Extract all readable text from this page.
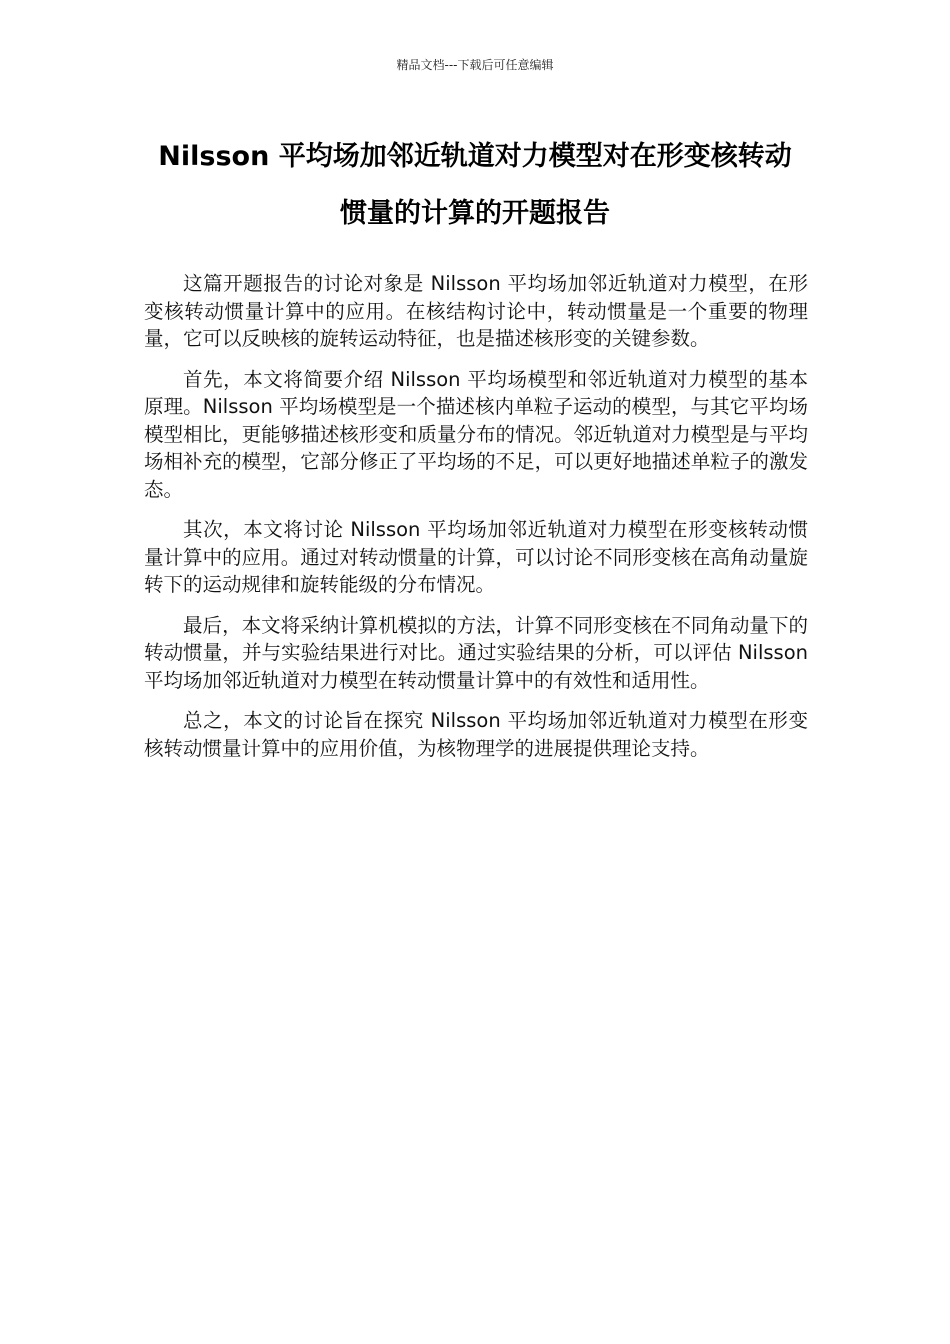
精品文档---下载后可任意编辑
Nilsson 平均场加邻近轨道对力模型对在形变核转动
惯量的计算的开题报告

这篇开题报告的讨论对象是 Nilsson 平均场加邻近轨道对力模型，在形变核转动惯量计算中的应用。在核结构讨论中，转动惯量是一个重要的物理量，它可以反映核的旋转运动特征，也是描述核形变的关键参数。

首先，本文将简要介绍 Nilsson 平均场模型和邻近轨道对力模型的基本原理。Nilsson 平均场模型是一个描述核内单粒子运动的模型，与其它平均场模型相比，更能够描述核形变和质量分布的情况。邻近轨道对力模型是与平均场相补充的模型，它部分修正了平均场的不足，可以更好地描述单粒子的激发态。

其次，本文将讨论 Nilsson 平均场加邻近轨道对力模型在形变核转动惯量计算中的应用。通过对转动惯量的计算，可以讨论不同形变核在高角动量旋转下的运动规律和旋转能级的分布情况。

最后，本文将采纳计算机模拟的方法，计算不同形变核在不同角动量下的转动惯量，并与实验结果进行对比。通过实验结果的分析，可以评估 Nilsson 平均场加邻近轨道对力模型在转动惯量计算中的有效性和适用性。

总之，本文的讨论旨在探究 Nilsson 平均场加邻近轨道对力模型在形变核转动惯量计算中的应用价值，为核物理学的进展提供理论支持。
